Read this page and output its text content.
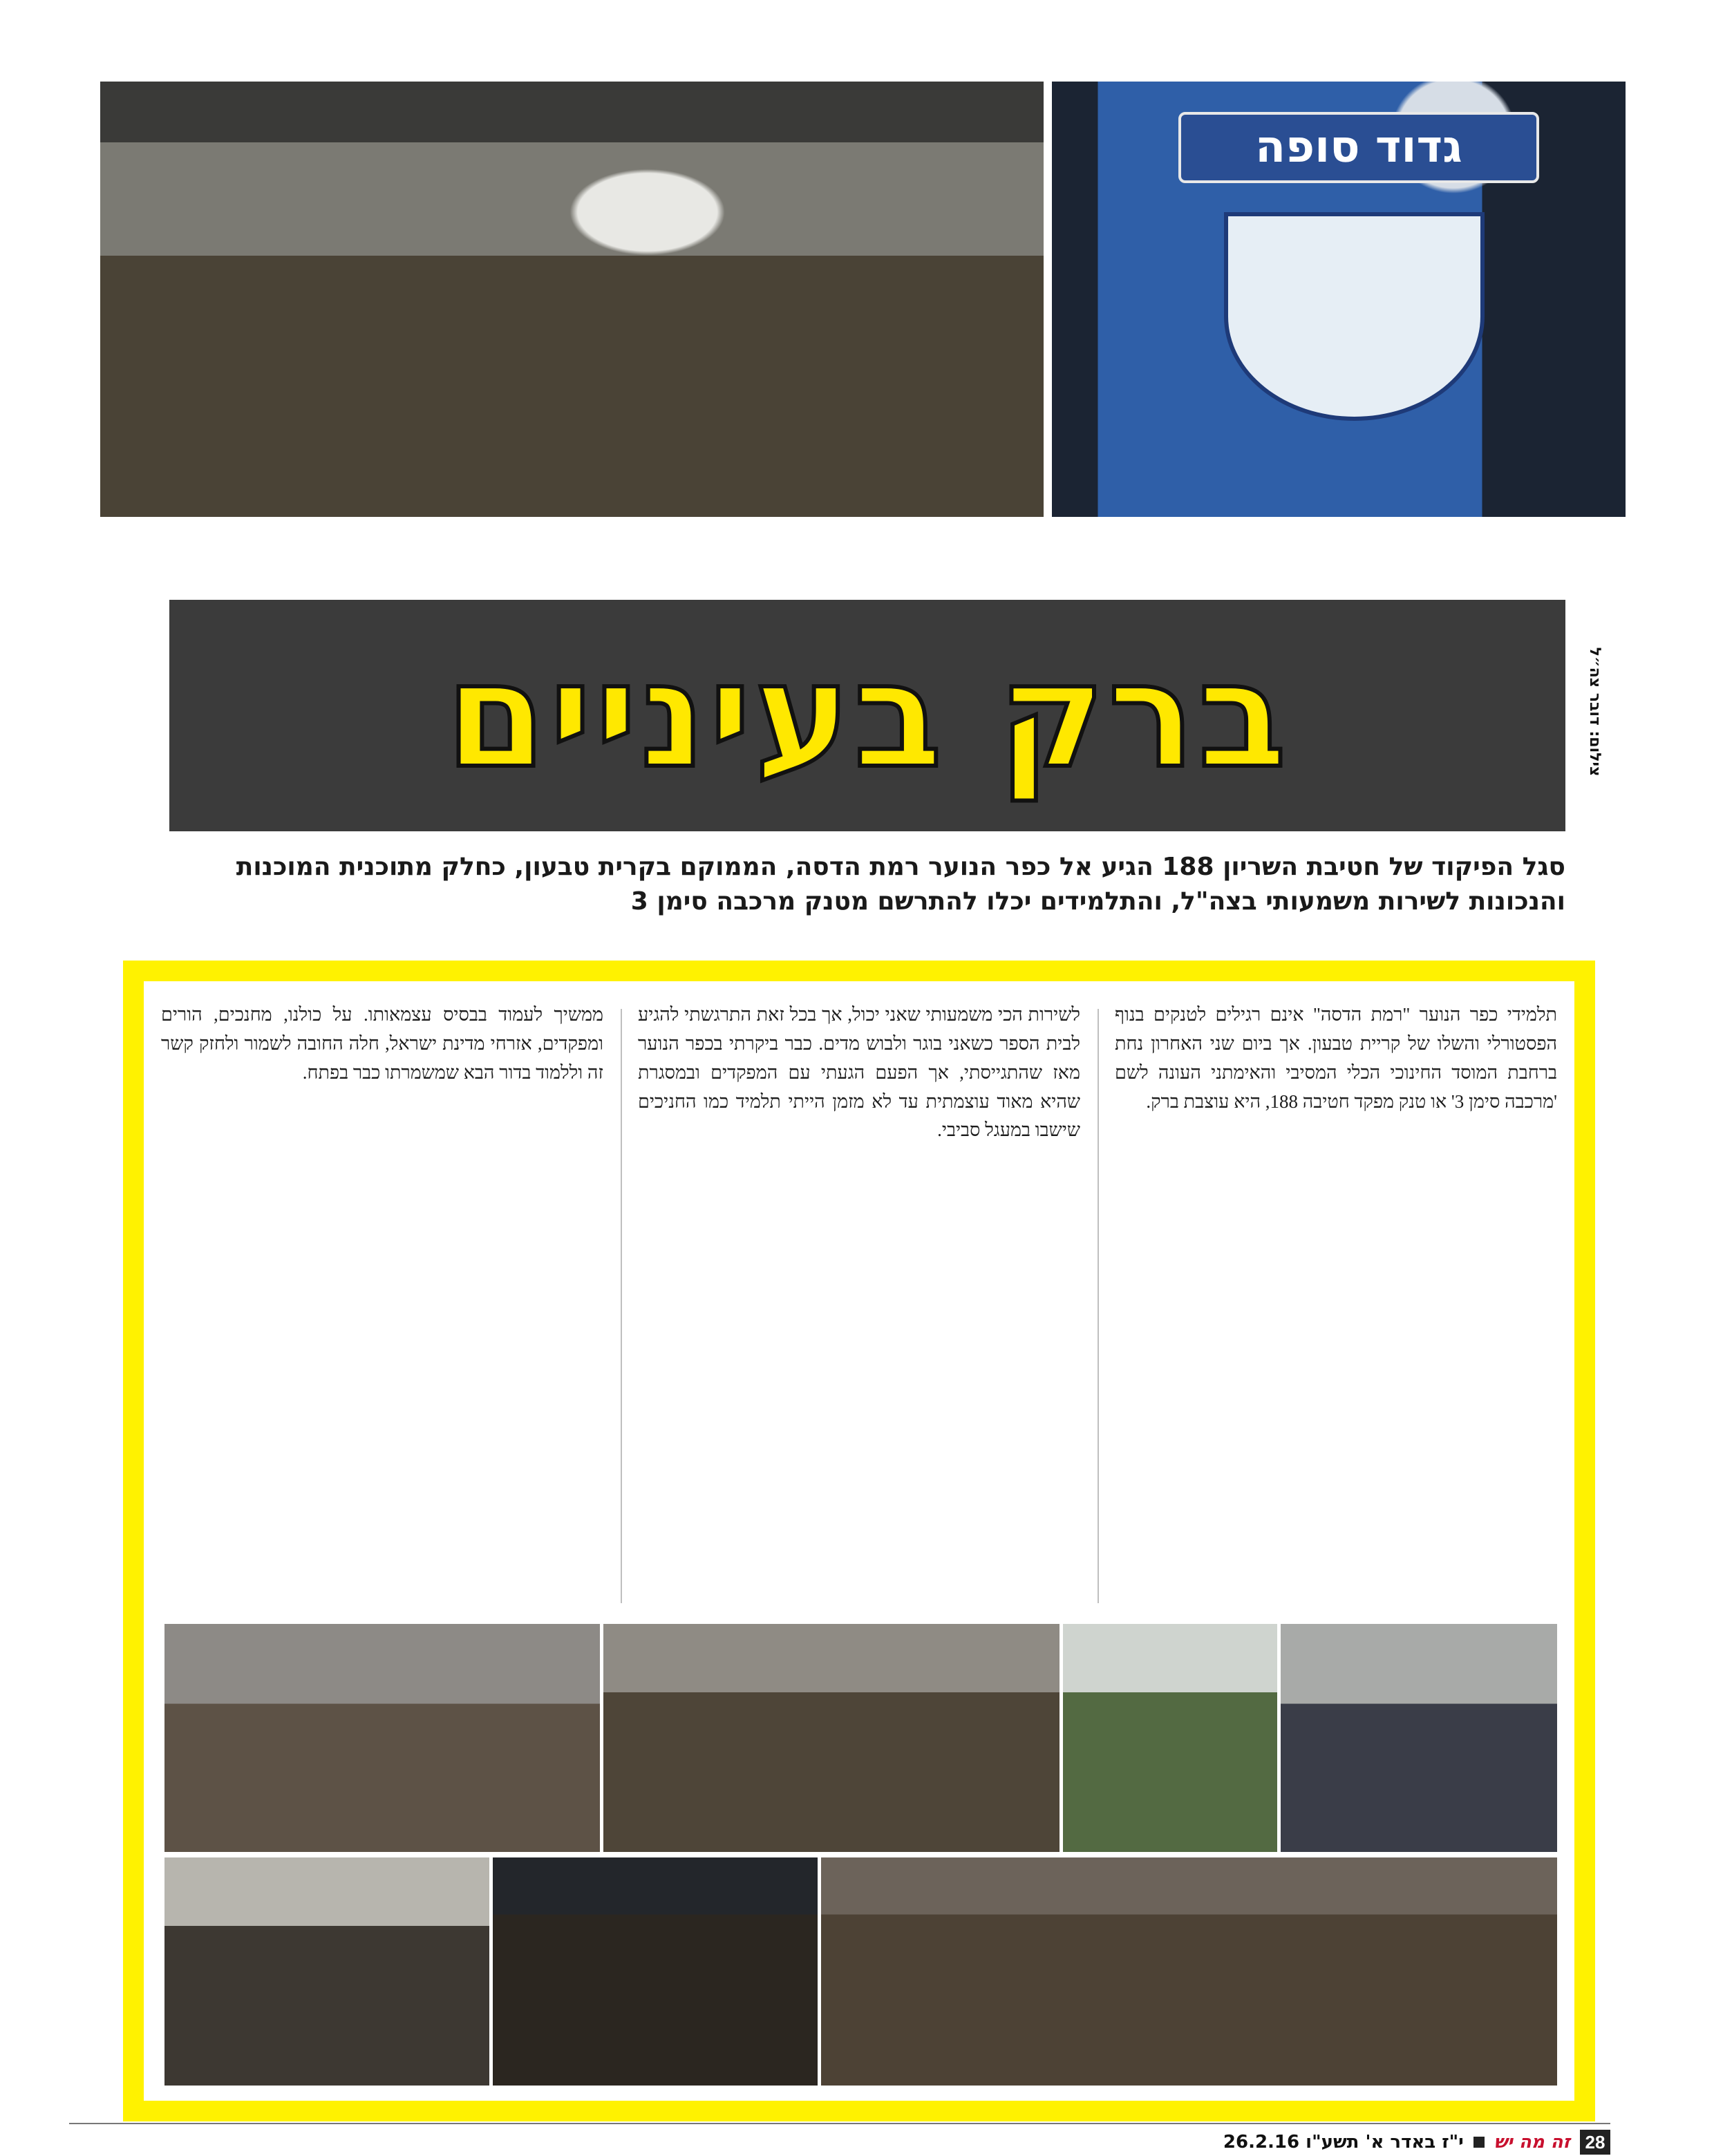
גדוד סופה
צילום: דובר צה״ל
ברק בעיניים
סגל הפיקוד של חטיבת השריון 188 הגיע אל כפר הנוער רמת הדסה, הממוקם בקרית טבעון, כחלק מתוכנית המוכנות והנכונות לשירות משמעותי בצה"ל, והתלמידים יכלו להתרשם מטנק מרכבה סימן 3
תלמידי כפר הנוער "רמת הדסה" אינם רגילים לטנקים בנוף הפסטורלי והשלו של קריית טבעון. אך ביום שני האחרון נחת ברחבת המוסד החינוכי הכלי המסיבי והאימתני העונה לשם 'מרכבה סימן 3' או טנק מפקד חטיבה 188, היא עוצבת ברק.
לשירות הכי משמעותי שאני יכול, אך בכל זאת התרגשתי להגיע לבית הספר כשאני בוגר ולבוש מדים. כבר ביקרתי בכפר הנוער מאז שהתגייסתי, אך הפעם הגעתי עם המפקדים ובמסגרת שהיא מאוד עוצמתית עד לא מזמן הייתי תלמיד כמו החניכים שישבו במעגל סביבי.
ממשיך לעמוד בבסיס עצמאותו. על כולנו, מחנכים, הורים ומפקדים, אזרחי מדינת ישראל, חלה החובה לשמור ולחזק קשר זה וללמוד בדור הבא שמשמרתו כבר בפתח.
28
זה מה יש
י"ז באדר א' תשע"ו 26.2.16
